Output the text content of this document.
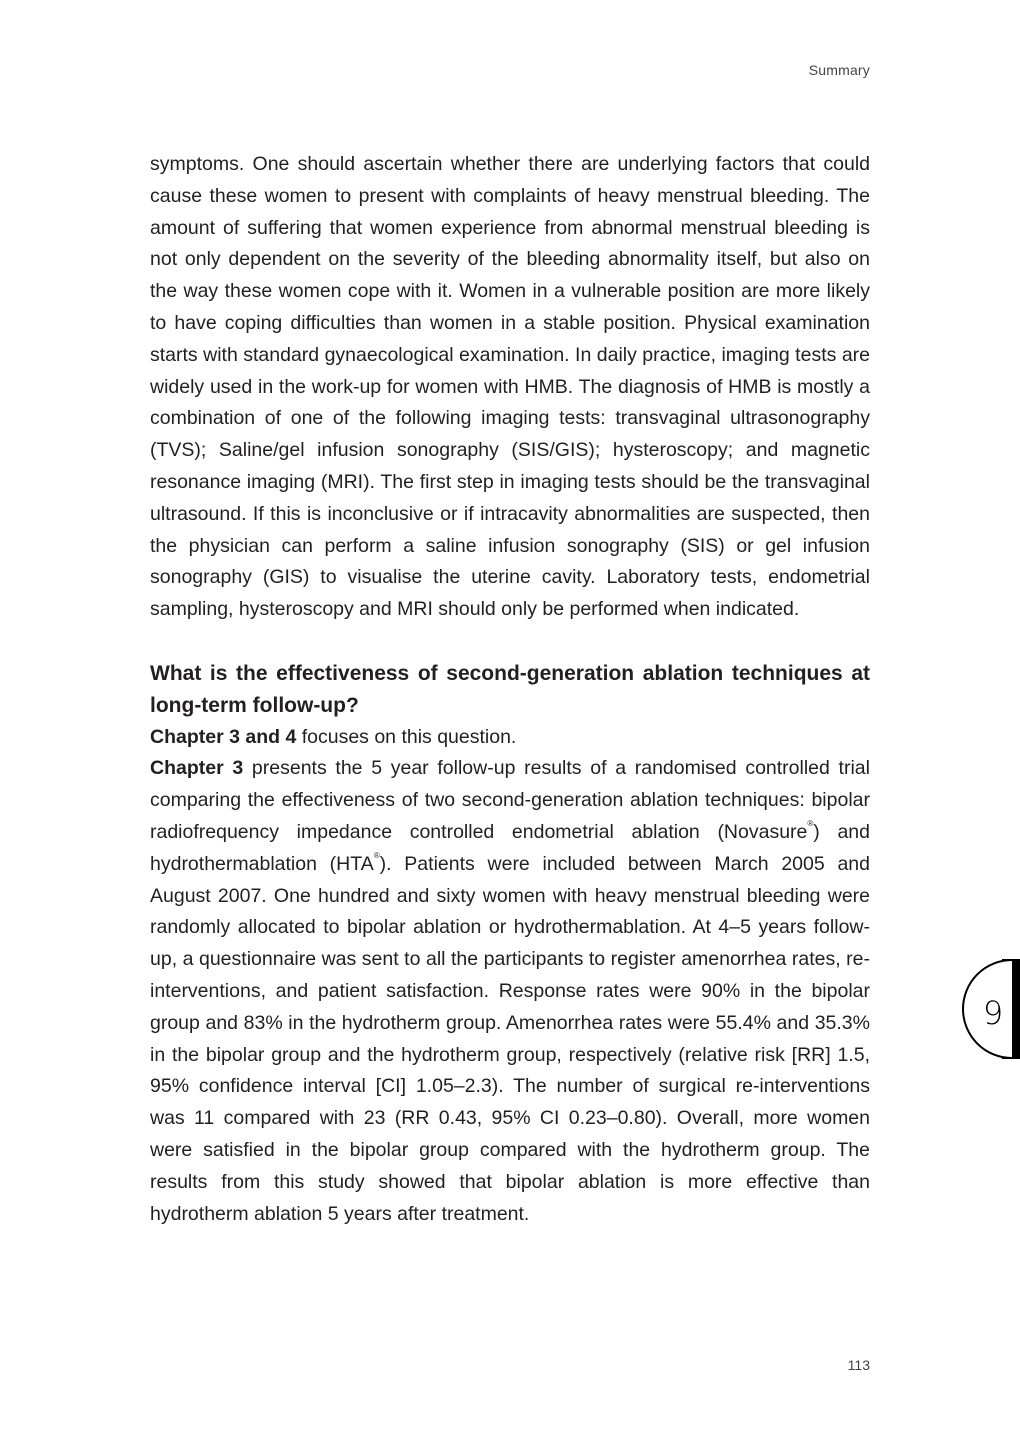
Summary

symptoms. One should ascertain whether there are underlying factors that could cause these women to present with complaints of heavy menstrual bleeding. The amount of suffering that women experience from abnormal menstrual bleeding is not only dependent on the severity of the bleeding abnormality itself, but also on the way these women cope with it. Women in a vulnerable position are more likely to have coping difficulties than women in a stable position. Physical examination starts with standard gynaecological examination. In daily practice, imaging tests are widely used in the work-up for women with HMB. The diagnosis of HMB is mostly a combination of one of the following imaging tests: transvaginal ultrasonography (TVS); Saline/gel infusion sonography (SIS/GIS); hysteroscopy; and magnetic resonance imaging (MRI). The first step in imaging tests should be the transvaginal ultrasound. If this is inconclusive or if intracavity abnormalities are suspected, then the physician can perform a saline infusion sonography (SIS) or gel infusion sonography (GIS) to visualise the uterine cavity. Laboratory tests, endometrial sampling, hysteroscopy and MRI should only be performed when indicated.

What is the effectiveness of second-generation ablation techniques at long-term follow-up?

Chapter 3 and 4 focuses on this question.

Chapter 3 presents the 5 year follow-up results of a randomised controlled trial comparing the effectiveness of two second-generation ablation techniques: bipolar radiofrequency impedance controlled endometrial ablation (Novasure®) and hydrothermablation (HTA®). Patients were included between March 2005 and August 2007. One hundred and sixty women with heavy menstrual bleeding were randomly allocated to bipolar ablation or hydrothermablation. At 4–5 years follow-up, a questionnaire was sent to all the participants to register amenorrhea rates, re-interventions, and patient satisfaction. Response rates were 90% in the bipolar group and 83% in the hydrotherm group. Amenorrhea rates were 55.4% and 35.3% in the bipolar group and the hydrotherm group, respectively (relative risk [RR] 1.5, 95% confidence interval [CI] 1.05–2.3). The number of surgical re-interventions was 11 compared with 23 (RR 0.43, 95% CI 0.23–0.80). Overall, more women were satisfied in the bipolar group compared with the hydrotherm group. The results from this study showed that bipolar ablation is more effective than hydrotherm ablation 5 years after treatment.

9
113
